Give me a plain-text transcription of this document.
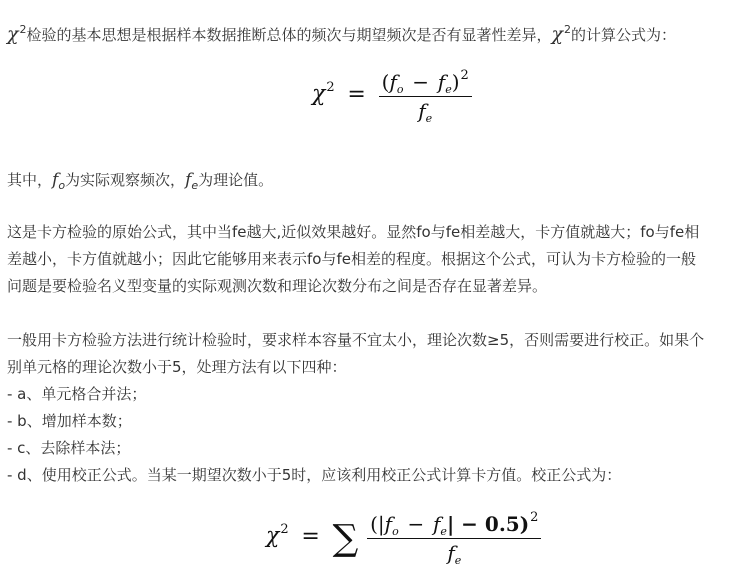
$\chi^2$检验的基本思想是根据样本数据推断总体的频次与期望频次是否有显著性差异，$\chi^2$的计算公式为：
$\chi 2 = \frac{(f_o - f_e)2}{f_e}$
其中，$f_o$为实际观察频次，$f_e$为理论值。
这是卡方检验的原始公式，其中当fe越大,近似效果越好。显然fo与fe相差越大，卡方值就越大；fo与fe相
差越小，卡方值就越小；因此它能够用来表示fo与fe相差的程度。根据这个公式，可认为卡方检验的一般
问题是要检验名义型变量的实际观测次数和理论次数分布之间是否存在显著差异。
一般用卡方检验方法进行统计检验时，要求样本容量不宜太小，理论次数≥5，否则需要进行校正。如果个
别单元格的理论次数小于5，处理方法有以下四种：
- a、单元格合并法；
- b、增加样本数；
- c、去除样本法；
- d、使用校正公式。当某一期望次数小于5时，应该利用校正公式计算卡方值。校正公式为：
χ2 = ∑ $\frac{(|f_o - f_e| - 0.5)2}{f_e}$
